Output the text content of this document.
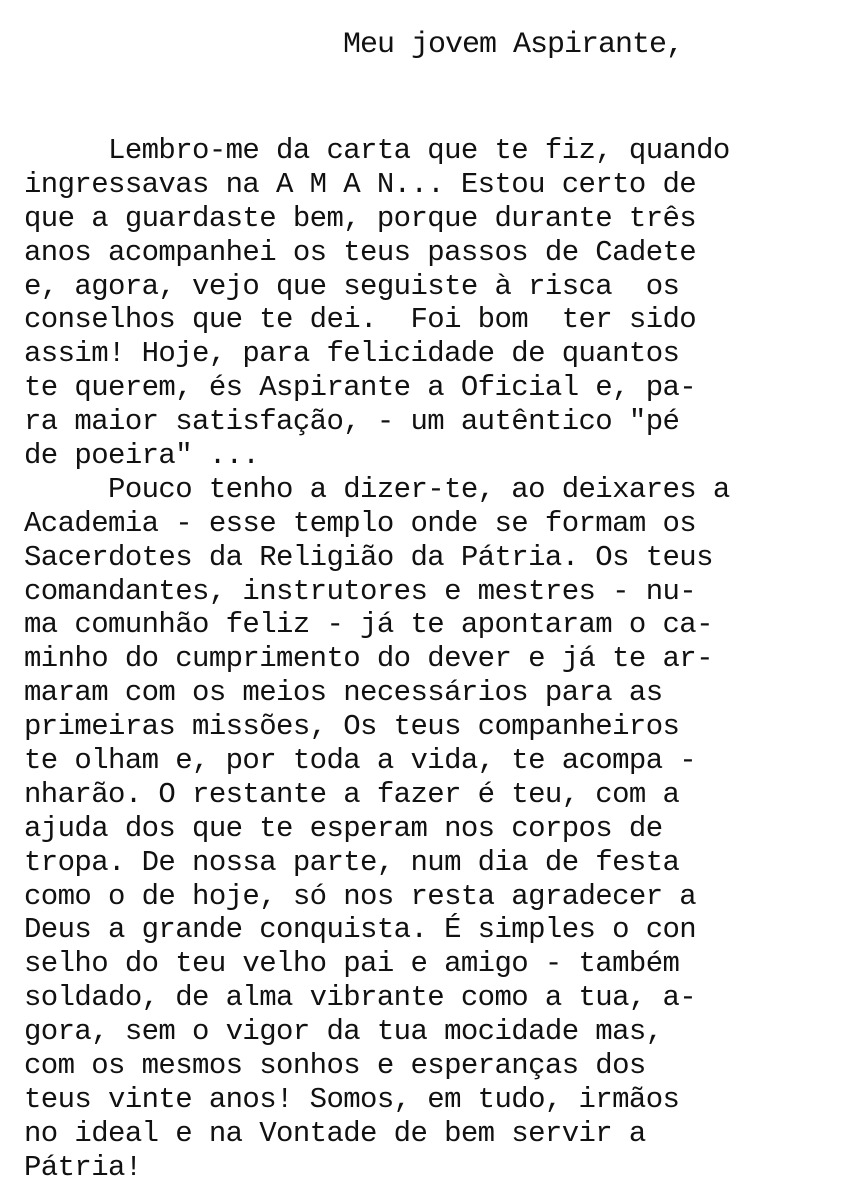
Meu jovem Aspirante,
Lembro-me da carta que te fiz, quando
ingressavas na A M A N... Estou certo de
que a guardaste bem, porque durante três
anos acompanhei os teus passos de Cadete
e, agora, vejo que seguiste à risca  os
conselhos que te dei.  Foi bom  ter sido
assim! Hoje, para felicidade de quantos
te querem, és Aspirante a Oficial e, pa-
ra maior satisfação, - um autêntico "pé
de poeira" ...
Pouco tenho a dizer-te, ao deixares a
Academia - esse templo onde se formam os
Sacerdotes da Religião da Pátria. Os teus
comandantes, instrutores e mestres - nu-
ma comunhão feliz - já te apontaram o ca-
minho do cumprimento do dever e já te ar-
maram com os meios necessários para as
primeiras missões, Os teus companheiros
te olham e, por toda a vida, te acompa -
nharão. O restante a fazer é teu, com a
ajuda dos que te esperam nos corpos de
tropa. De nossa parte, num dia de festa
como o de hoje, só nos resta agradecer a
Deus a grande conquista. É simples o con
selho do teu velho pai e amigo - também
soldado, de alma vibrante como a tua, a-
gora, sem o vigor da tua mocidade mas,
com os mesmos sonhos e esperanças dos
teus vinte anos! Somos, em tudo, irmãos
no ideal e na Vontade de bem servir a
Pátria!
